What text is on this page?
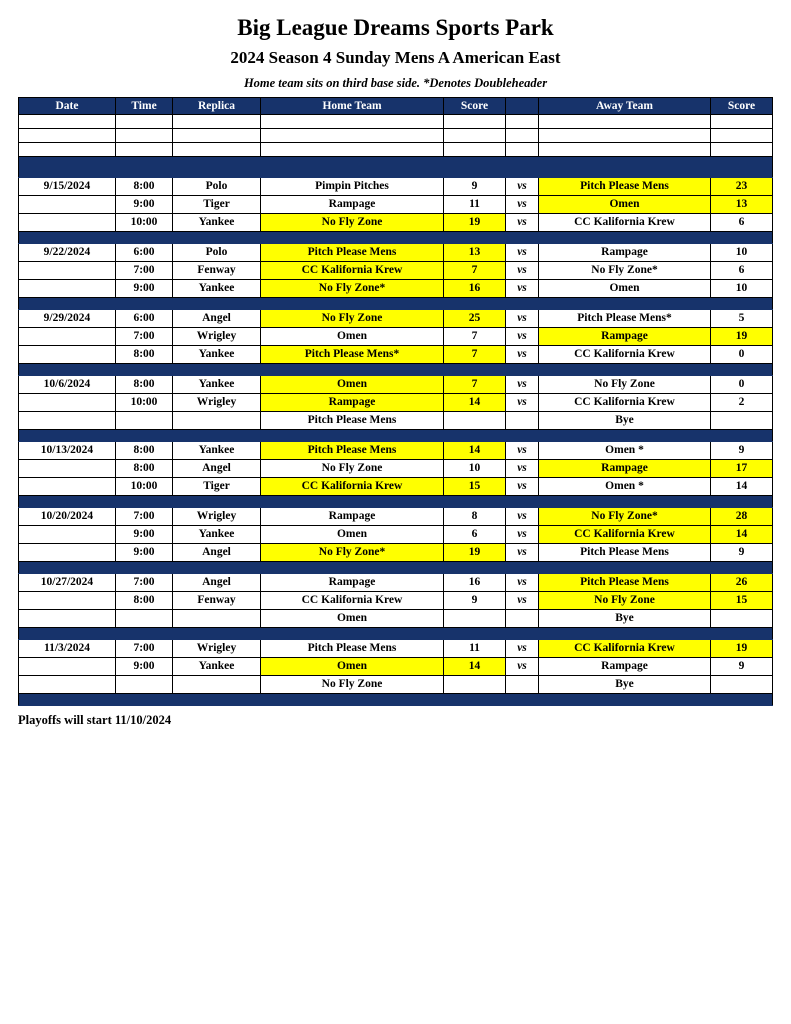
Big League Dreams Sports Park
2024 Season 4 Sunday Mens A American East
Home team sits on third base side. *Denotes Doubleheader
Date	Time	Replica	Home Team	Score		Away Team	Score

9/15/2024	8:00	Polo	Pimpin Pitches	9	vs	Pitch Please Mens	23
	9:00	Tiger	Rampage	11	vs	Omen	13
	10:00	Yankee	No Fly Zone	19	vs	CC Kalifornia Krew	6

9/22/2024	6:00	Polo	Pitch Please Mens	13	vs	Rampage	10
	7:00	Fenway	CC Kalifornia Krew	7	vs	No Fly Zone*	6
	9:00	Yankee	No Fly Zone*	16	vs	Omen	10

9/29/2024	6:00	Angel	No Fly Zone	25	vs	Pitch Please Mens*	5
	7:00	Wrigley	Omen	7	vs	Rampage	19
	8:00	Yankee	Pitch Please Mens*	7	vs	CC Kalifornia Krew	0

10/6/2024	8:00	Yankee	Omen	7	vs	No Fly Zone	0
	10:00	Wrigley	Rampage	14	vs	CC Kalifornia Krew	2
			Pitch Please Mens			Bye	

10/13/2024	8:00	Yankee	Pitch Please Mens	14	vs	Omen *	9
	8:00	Angel	No Fly Zone	10	vs	Rampage	17
	10:00	Tiger	CC Kalifornia Krew	15	vs	Omen *	14

10/20/2024	7:00	Wrigley	Rampage	8	vs	No Fly Zone*	28
	9:00	Yankee	Omen	6	vs	CC Kalifornia Krew	14
	9:00	Angel	No Fly Zone*	19	vs	Pitch Please Mens	9

10/27/2024	7:00	Angel	Rampage	16	vs	Pitch Please Mens	26
	8:00	Fenway	CC Kalifornia Krew	9	vs	No Fly Zone	15
			Omen			Bye	

11/3/2024	7:00	Wrigley	Pitch Please Mens	11	vs	CC Kalifornia Krew	19
	9:00	Yankee	Omen	14	vs	Rampage	9
			No Fly Zone			Bye	

Playoffs will start 11/10/2024
